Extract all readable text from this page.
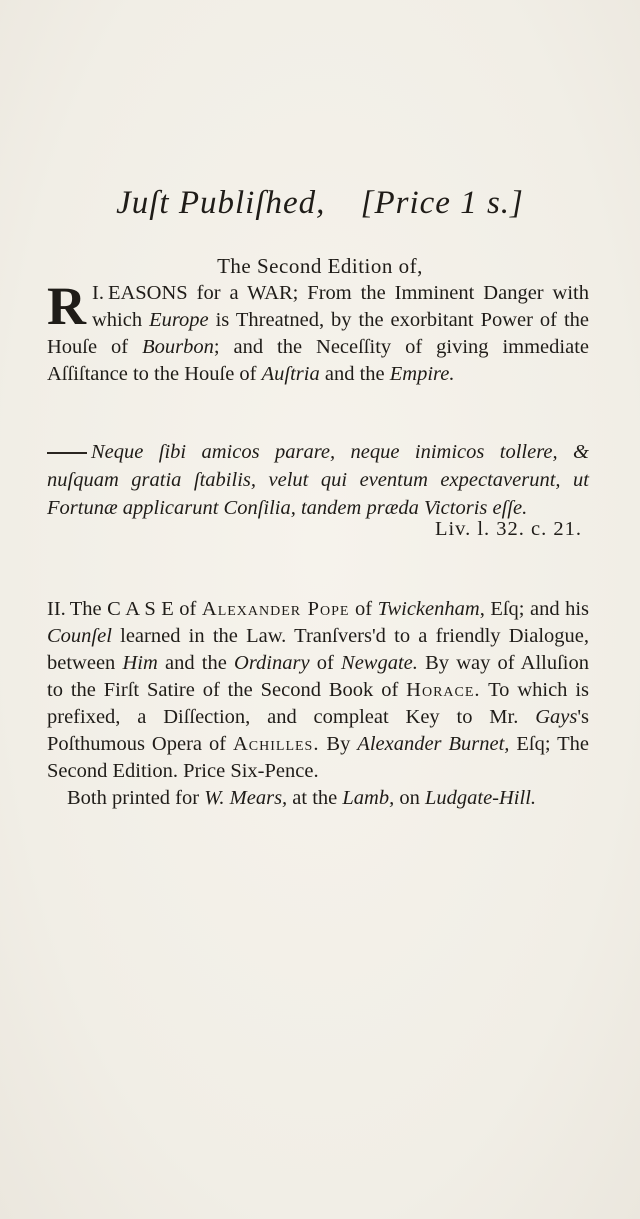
Juſt Publiſhed, [Price 1 s.]
The Second Edition of,
I.
R EASONS for a WAR; From the Imminent Danger with which Europe is Threatned, by the exorbitant Power of the Houſe of Bourbon; and the Neceſſity of giving immediate Aſſiſtance to the Houſe of Auſtria and the Empire.
Neque ſibi amicos parare, neque inimicos tollere, & nuſquam gratia ſtabilis, velut qui eventum expectaverunt, ut Fortunæ applicarunt Conſilia, tandem præda Victoris eſſe.
Liv. l. 32. c. 21.
II. The C A S E of Alexander Pope of Twickenham, Eſq; and his Counſel learned in the Law. Tranſvers'd to a friendly Dialogue, between Him and the Ordinary of Newgate. By way of Alluſion to the Firſt Satire of the Second Book of Horace. To which is prefixed, a Diſſection, and compleat Key to Mr. Gays's Poſthumous Opera of Achilles. By Alexander Burnet, Eſq; The Second Edition. Price Six-Pence.
Both printed for W. Mears, at the Lamb, on Ludgate-Hill.
